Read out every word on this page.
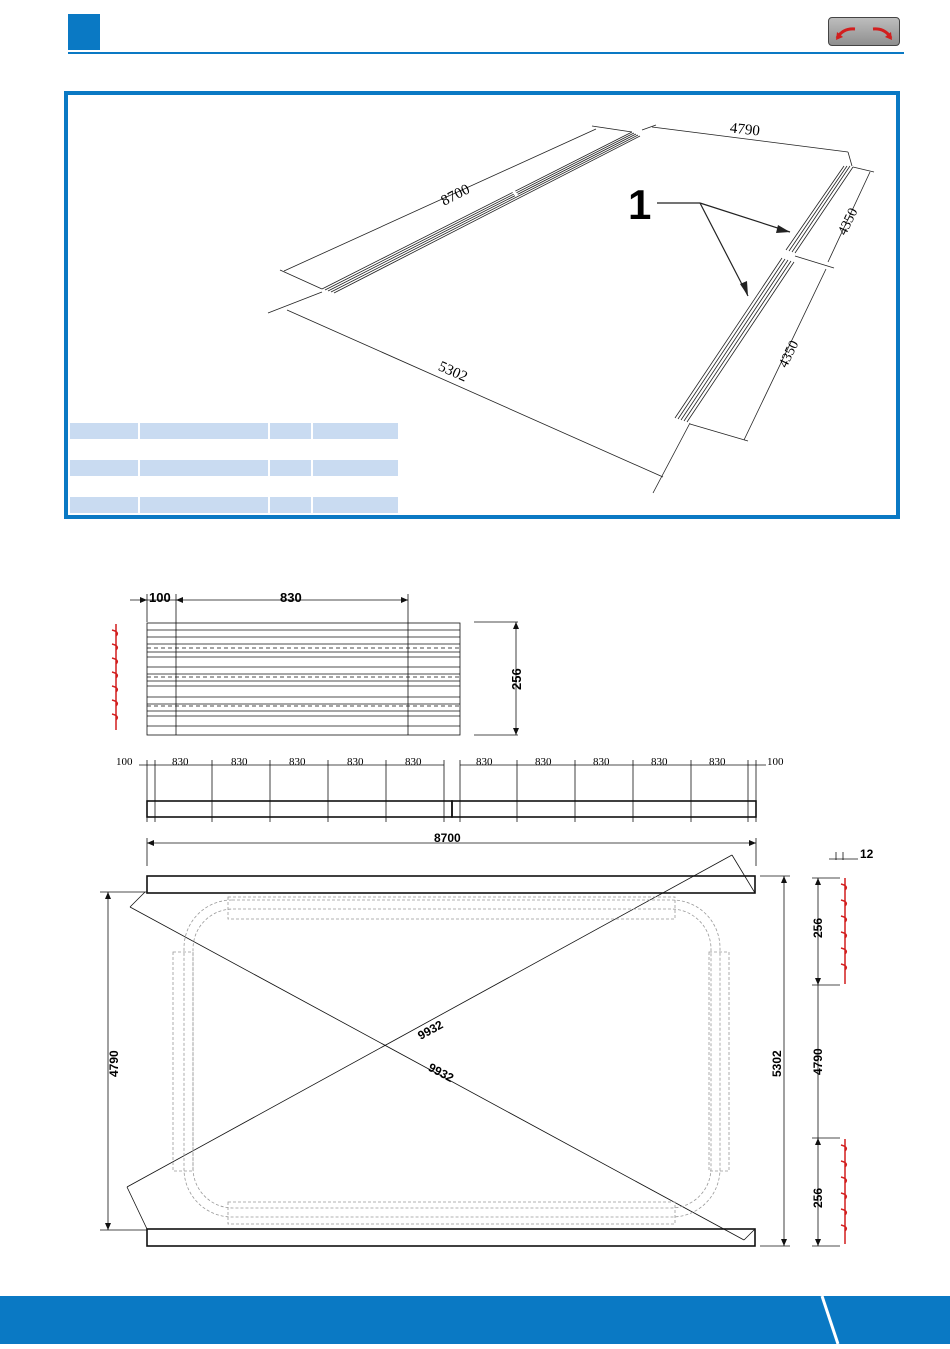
8700
4790
5302
4350
4350
1
100	830
256
100	830	830	830	830	830	830	830	830	830	830	100
8700
12
4790	5302
9932
9932
256
4790
256
